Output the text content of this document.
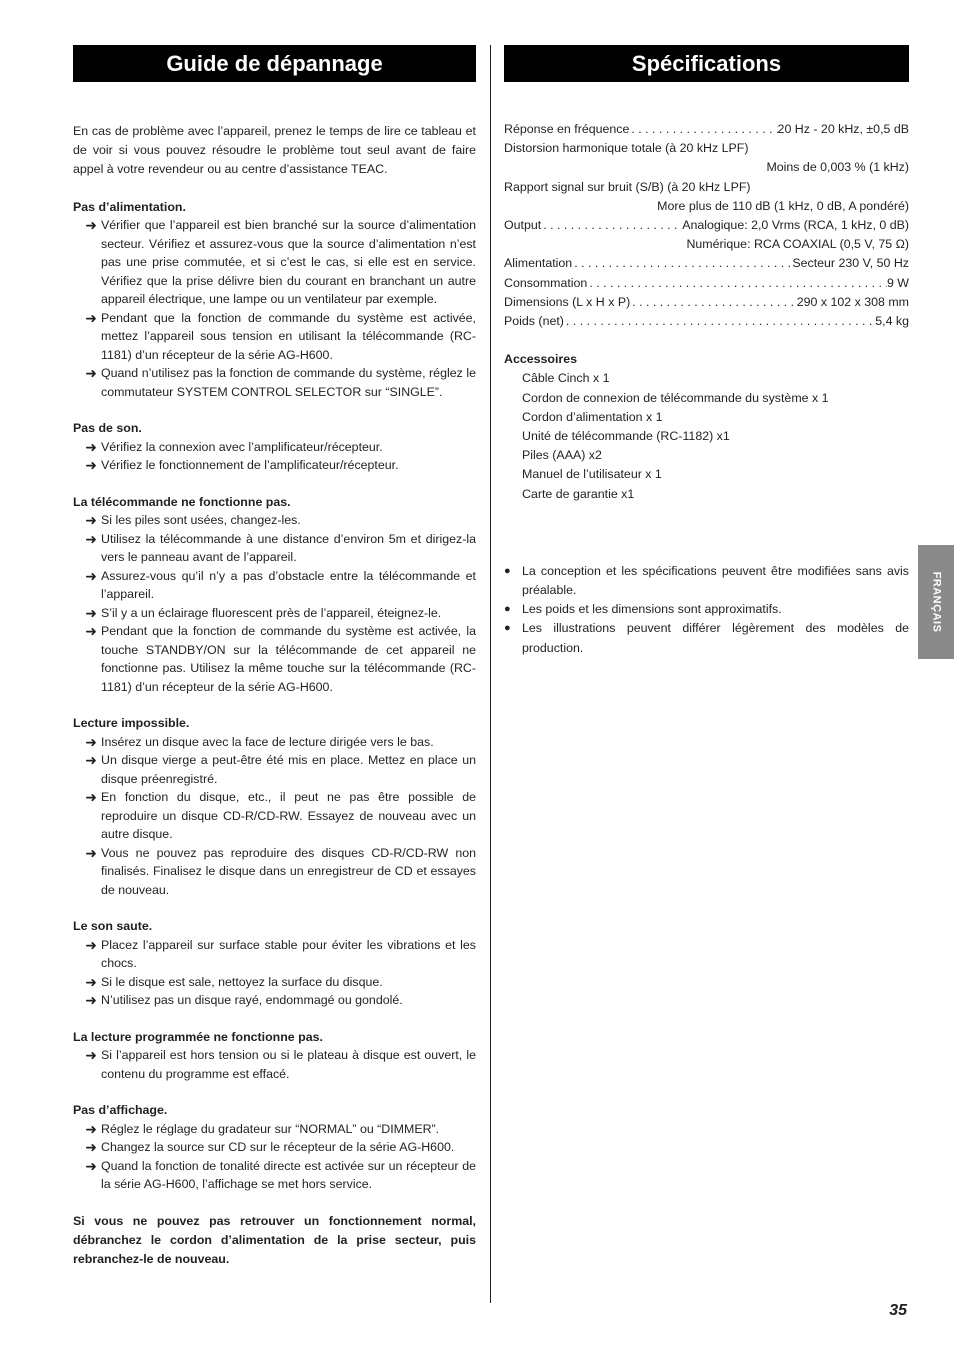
Guide de dépannage
En cas de problème avec l’appareil, prenez le temps de lire ce tableau et de voir si vous pouvez résoudre le problème tout seul avant de faire appel à votre revendeur ou au centre d’assistance TEAC.
Pas d’alimentation.
➜ Vérifier que l’appareil est bien branché sur la source d’alimentation secteur. Vérifiez et assurez-vous que la source d’alimentation n’est pas une prise commutée, et si c’est le cas, si elle est en service. Vérifiez que la prise délivre bien du courant en branchant un autre appareil électrique, une lampe ou un ventilateur par exemple.
➜ Pendant que la fonction de commande du système est activée, mettez l’appareil sous tension en utilisant la télécommande (RC-1181) d’un récepteur de la série AG-H600.
➜ Quand n’utilisez pas la fonction de commande du système, réglez le commutateur SYSTEM CONTROL SELECTOR sur “SINGLE”.
Pas de son.
➜ Vérifiez la connexion avec l’amplificateur/récepteur.
➜ Vérifiez le fonctionnement de l’amplificateur/récepteur.
La télécommande ne fonctionne pas.
➜ Si les piles sont usées, changez-les.
➜ Utilisez la télécommande à une distance d’environ 5m et dirigez-la vers le panneau avant de l’appareil.
➜ Assurez-vous qu’il n’y a pas d’obstacle entre la télécommande et l’appareil.
➜ S’il y a un éclairage fluorescent près de l’appareil, éteignez-le.
➜ Pendant que la fonction de commande du système est activée, la touche STANDBY/ON sur la télécommande de cet appareil ne fonctionne pas. Utilisez la même touche sur la télécommande (RC-1181) d’un récepteur de la série AG-H600.
Lecture impossible.
➜ Insérez un disque avec la face de lecture dirigée vers le bas.
➜ Un disque vierge a peut-être été mis en place. Mettez en place un disque préenregistré.
➜ En fonction du disque, etc., il peut ne pas être possible de reproduire un disque CD-R/CD-RW. Essayez de nouveau avec un autre disque.
➜ Vous ne pouvez pas reproduire des disques CD-R/CD-RW non finalisés. Finalisez le disque dans un enregistreur de CD et essayes de nouveau.
Le son saute.
➜ Placez l’appareil sur surface stable pour éviter les vibrations et les chocs.
➜ Si le disque est sale, nettoyez la surface du disque.
➜ N’utilisez pas un disque rayé, endommagé ou gondolé.
La lecture programmée ne fonctionne pas.
➜ Si l’appareil est hors tension ou si le plateau à disque est ouvert, le contenu du programme est effacé.
Pas d’affichage.
➜ Réglez le réglage du gradateur sur “NORMAL” ou “DIMMER”.
➜ Changez la source sur CD sur le récepteur de la série AG-H600.
➜ Quand la fonction de tonalité directe est activée sur un récepteur de la série AG-H600, l’affichage se met hors service.
Si vous ne pouvez pas retrouver un fonctionnement normal, débranchez le cordon d’alimentation de la prise secteur, puis rebranchez-le de nouveau.
Spécifications
Réponse en fréquence . . .	20 Hz - 20 kHz, ±0,5 dB
Distorsion harmonique totale (à 20 kHz LPF)
Moins de 0,003 % (1 kHz)
Rapport signal sur bruit (S/B) (à 20 kHz LPF)
More plus de 110 dB (1 kHz, 0 dB, A pondéré)
Output . . .	Analogique: 2,0 Vrms (RCA, 1 kHz, 0 dB)
Numérique: RCA COAXIAL (0,5 V, 75 Ω)
Alimentation . . .	Secteur 230 V, 50 Hz
Consommation . . .	9 W
Dimensions (L x H x P) . . .	290 x 102 x 308 mm
Poids (net) . . .	5,4 kg
Accessoires
Câble Cinch x 1
Cordon de connexion de télécommande du système x 1
Cordon d’alimentation x 1
Unité de télécommande (RC-1182) x1
Piles (AAA) x2
Manuel de l’utilisateur x 1
Carte de garantie x1
● La conception et les spécifications peuvent être modifiées sans avis préalable.
● Les poids et les dimensions sont approximatifs.
● Les illustrations peuvent différer légèrement des modèles de production.
FRANÇAIS
35
